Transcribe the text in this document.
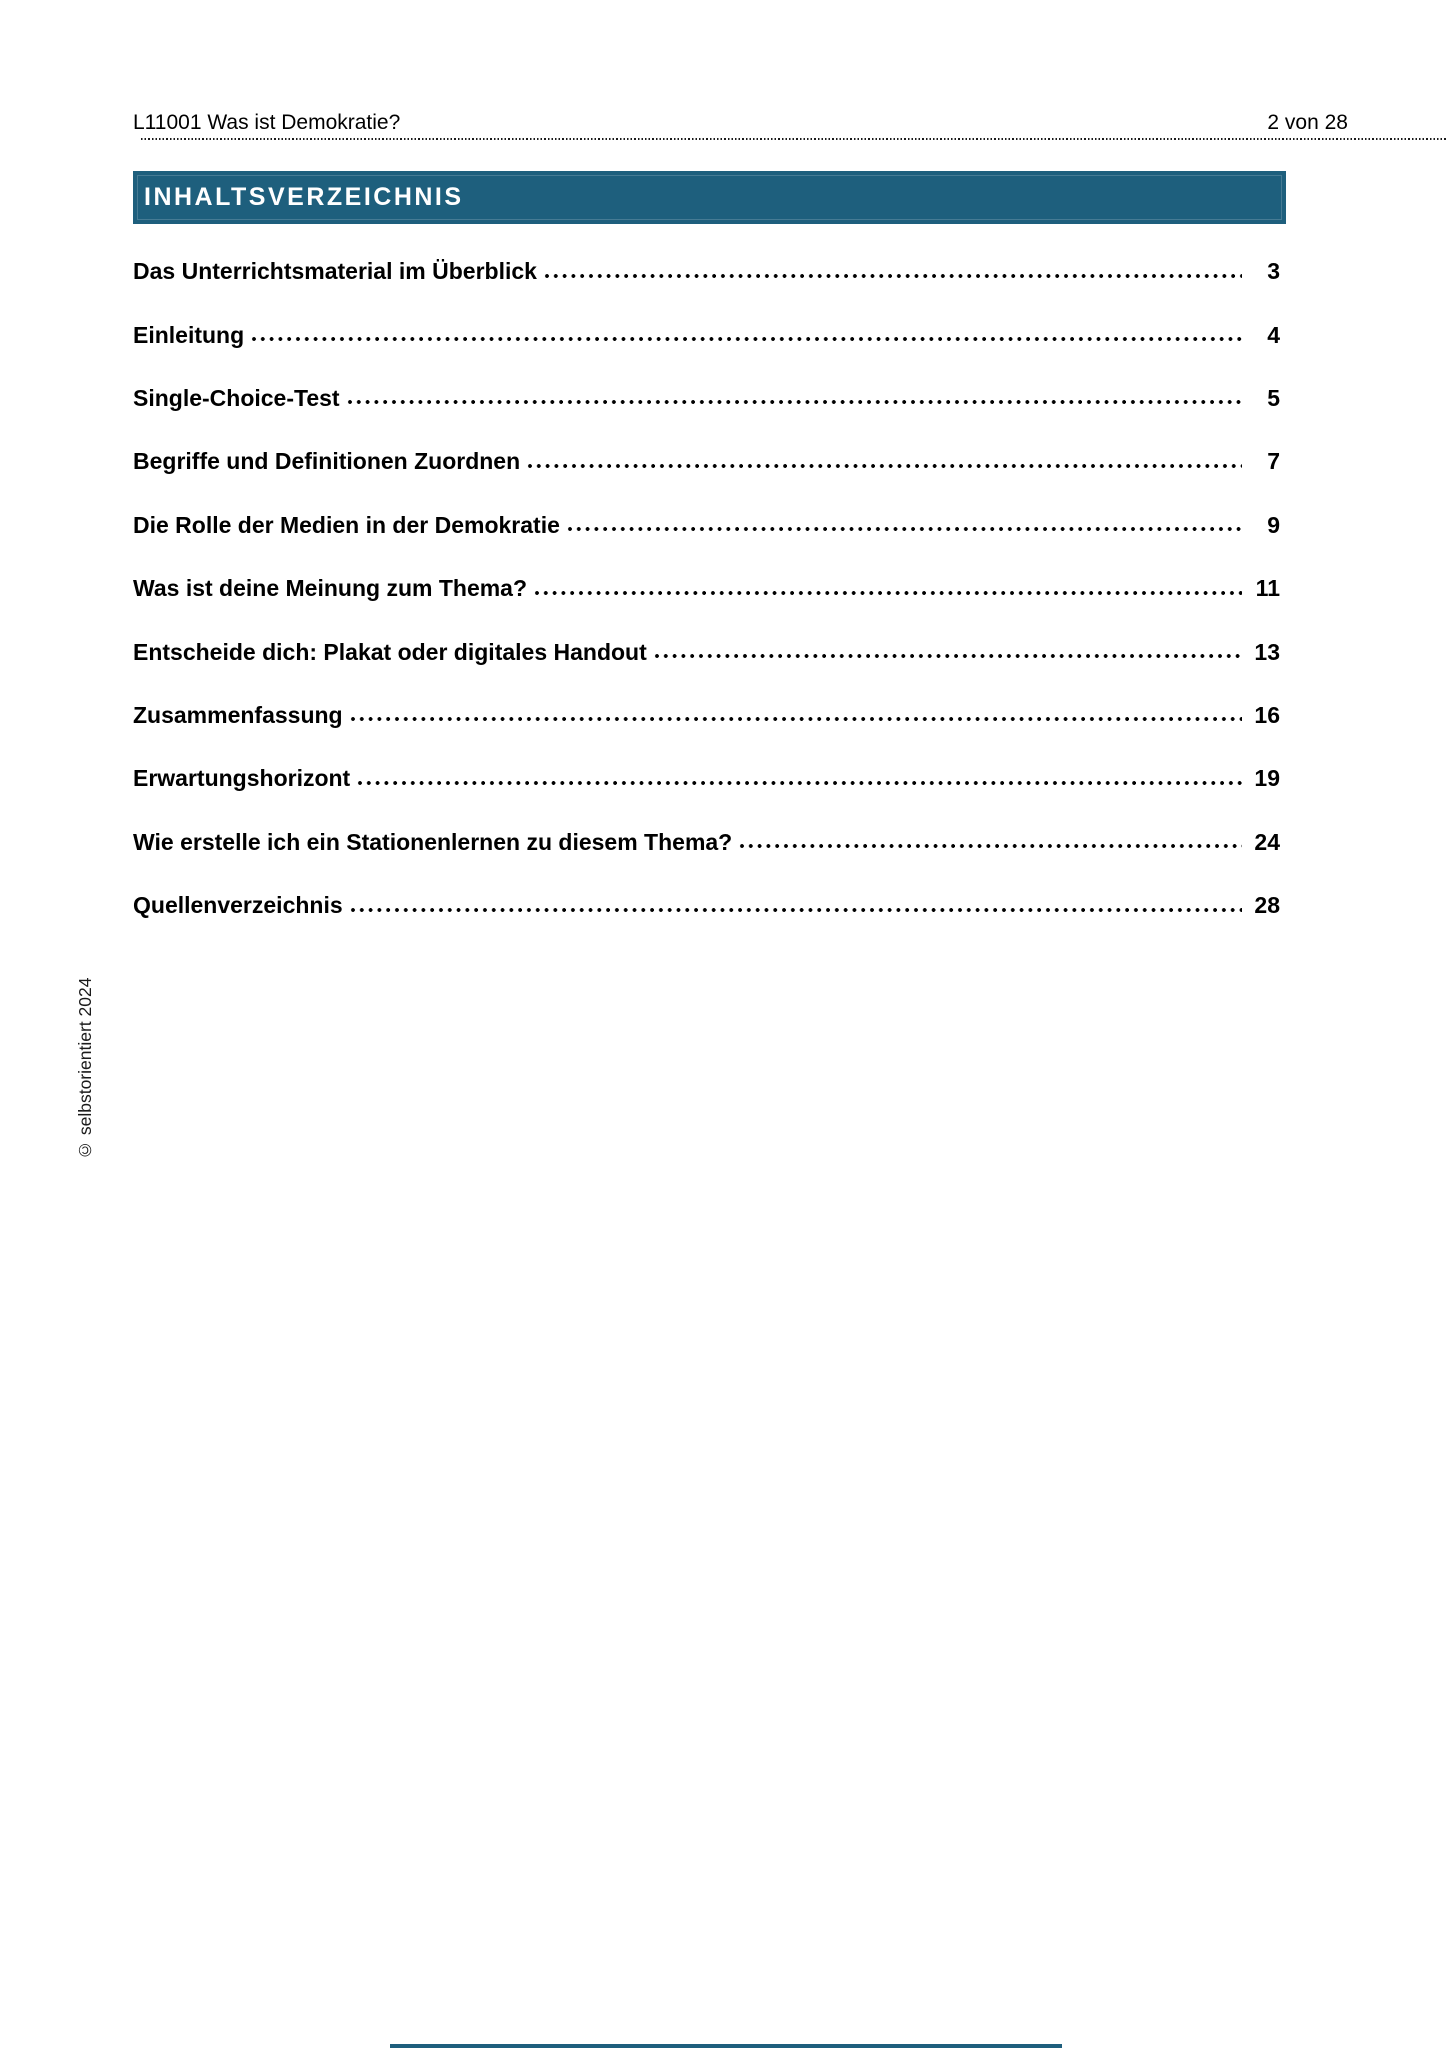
L11001 Was ist Demokratie?	2 von 28
INHALTSVERZEICHNIS
Das Unterrichtsmaterial im Überblick	3
Einleitung	4
Single-Choice-Test	5
Begriffe und Definitionen Zuordnen	7
Die Rolle der Medien in der Demokratie	9
Was ist deine Meinung zum Thema?	11
Entscheide dich: Plakat oder digitales Handout	13
Zusammenfassung	16
Erwartungshorizont	19
Wie erstelle ich ein Stationenlernen zu diesem Thema?	24
Quellenverzeichnis	28
© selbstorientiert 2024
